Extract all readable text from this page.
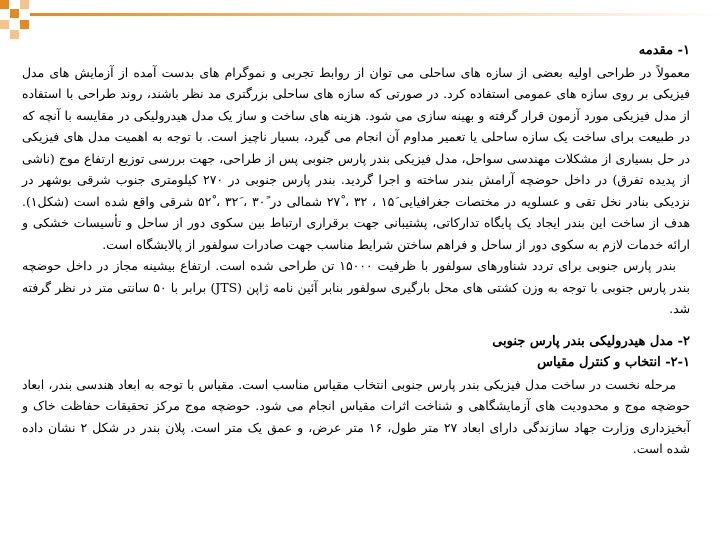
۱- مقدمه

معمولاً در طراحی اولیه بعضی از سازه های ساحلی می توان از روابط تجربی و نموگرام های بدست آمده از آزمایش های مدل فیزیکی بر روی سازه های عمومی استفاده کرد. در صورتی که سازه های ساحلی بزرگتری مد نظر باشند، روند طراحی با استفاده از مدل فیزیکی مورد آزمون قرار گرفته و بهینه سازی می شود. هزینه های ساخت و ساز یک مدل هیدرولیکی در مقایسه با آنچه که در طبیعت برای ساخت یک سازه ساحلی یا تعمیر مداوم آن انجام می گیرد، بسیار ناچیز است. با توجه به اهمیت مدل های فیزیکی در حل بسیاری از مشکلات مهندسی سواحل، مدل فیزیکی بندر پارس جنوبی پس از طراحی، جهت بررسی توزیع ارتفاع موج (ناشی از پدیده تفرق) در داخل حوضچه آرامش بندر ساخته و اجرا گردید. بندر پارس جنوبی در ۲۷۰ کیلومتری جنوب شرقی بوشهر در نزدیکی بنادر نخل تقی و عسلویه در مختصات جغرافیایی ۱۵َ ، ۳۲ ، ۲۷ْ شمالی در ۳۰ً ، ۳۲َ ، ۵۲ْ شرقی واقع شده است (شکل۱). هدف از ساخت این بندر ایجاد یک پایگاه تدارکاتی، پشتیبانی جهت برقراری ارتباط بین سکوی دور از ساحل و تأسیسات خشکی و ارائه خدمات لازم به سکوی دور از ساحل و فراهم ساختن شرایط مناسب جهت صادرات سولفور از پالایشگاه است.

بندر پارس جنوبی برای تردد شناورهای سولفور با ظرفیت ۱۵۰۰۰ تن طراحی شده است. ارتفاع بیشینه مجاز در داخل حوضچه بندر پارس جنوبی با توجه به وزن کشتی های محل بارگیری سولفور بنابر آئین نامه ژاپن (JTS) برابر با ۵۰ سانتی متر در نظر گرفته شد.

۲- مدل هیدرولیکی بندر پارس جنوبی

۲-۱- انتخاب و کنترل مقیاس

مرحله نخست در ساخت مدل فیزیکی بندر پارس جنوبی انتخاب مقیاس مناسب است. مقیاس با توجه به ابعاد هندسی بندر، ابعاد حوضچه موج و محدودیت های آزمایشگاهی و شناخت اثرات مقیاس انجام می شود. حوضچه موج مرکز تحقیقات حفاظت خاک و آبخیزداری وزارت جهاد سازندگی دارای ابعاد ۲۷ متر طول، ۱۶ متر عرض، و عمق یک متر است. پلان بندر در شکل ۲ نشان داده شده است.
